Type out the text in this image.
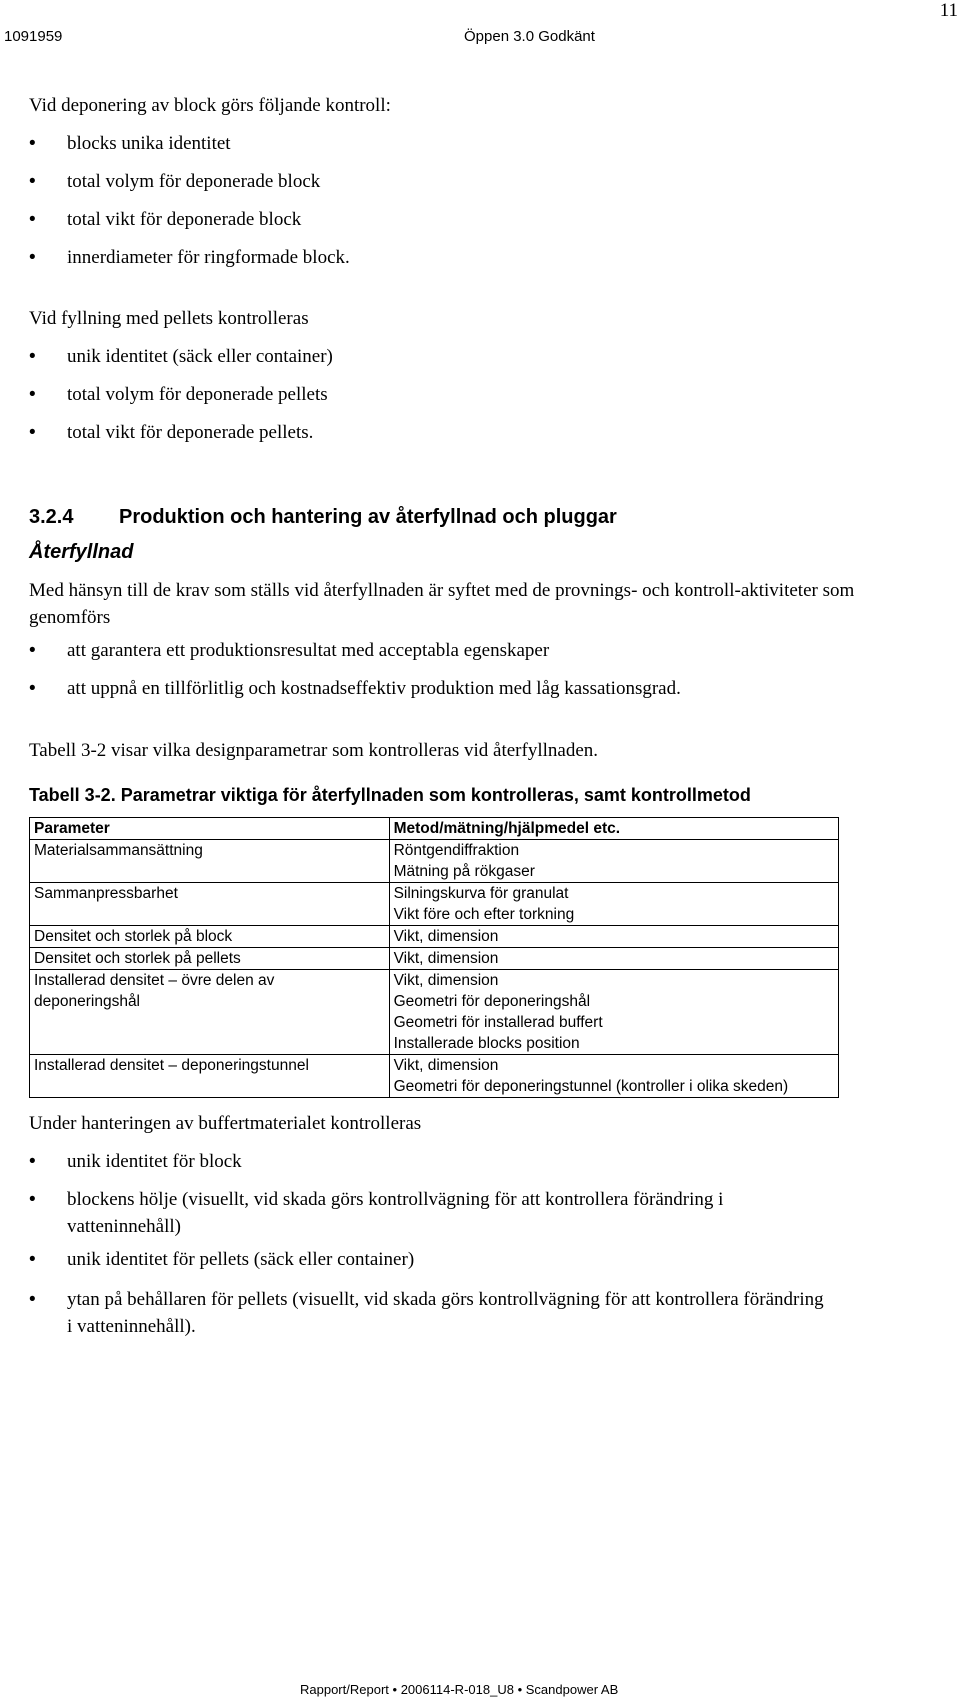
11
1091959	Öppen 3.0 Godkänt
Vid deponering av block görs följande kontroll:
• blocks unika identitet
• total volym för deponerade block
• total vikt för deponerade block
• innerdiameter för ringformade block.
Vid fyllning med pellets kontrolleras
• unik identitet (säck eller container)
• total volym för deponerade pellets
• total vikt för deponerade pellets.
3.2.4 Produktion och hantering av återfyllnad och pluggar
Återfyllnad
Med hänsyn till de krav som ställs vid återfyllnaden är syftet med de provnings- och kontroll-aktiviteter som genomförs
• att garantera ett produktionsresultat med acceptabla egenskaper
• att uppnå en tillförlitlig och kostnadseffektiv produktion med låg kassationsgrad.
Tabell 3-2 visar vilka designparametrar som kontrolleras vid återfyllnaden.
Tabell 3-2. Parametrar viktiga för återfyllnaden som kontrolleras, samt kontrollmetod
Parameter	Metod/mätning/hjälpmedel etc.
Materialsammansättning	Röntgendiffraktion
Mätning på rökgaser

Sammanpressbarhet	Silningskurva för granulat
Vikt före och efter torkning

Densitet och storlek på block	Vikt, dimension

Densitet och storlek på pellets	Vikt, dimension

Installerad densitet – övre delen av deponeringshål	Vikt, dimension
Geometri för deponeringshål
Geometri för installerad buffert
Installerade blocks position

Installerad densitet – deponeringstunnel	Vikt, dimension
Geometri för deponeringstunnel (kontroller i olika skeden)
Under hanteringen av buffertmaterialet kontrolleras
• unik identitet för block
• blockens hölje (visuellt, vid skada görs kontrollvägning för att kontrollera förändring i vatteninnehåll)
• unik identitet för pellets (säck eller container)
• ytan på behållaren för pellets (visuellt, vid skada görs kontrollvägning för att kontrollera förändring i vatteninnehåll).
Rapport/Report • 2006114-R-018_U8 • Scandpower AB
